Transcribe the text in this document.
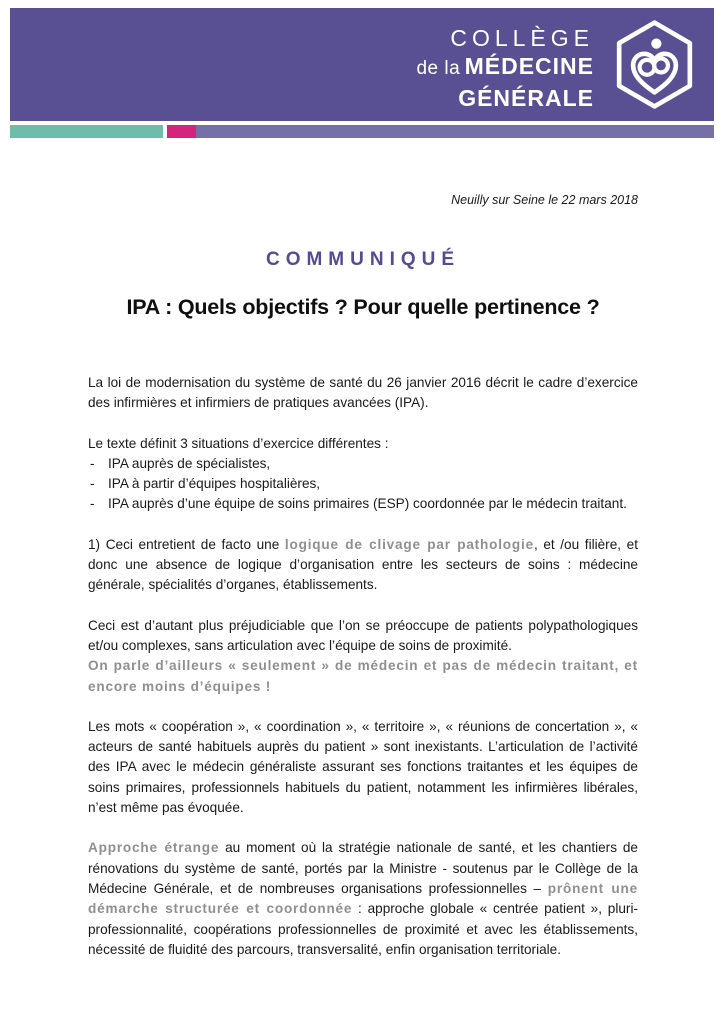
COLLÈGE
de la MÉDECINE
GÉNÉRALE

Neuilly sur Seine le 22 mars 2018

COMMUNIQUÉ
IPA : Quels objectifs ? Pour quelle pertinence ?

La loi de modernisation du système de santé du 26 janvier 2016 décrit le cadre d’exercice des infirmières et infirmiers de pratiques avancées (IPA).

Le texte définit 3 situations d’exercice différentes :

- IPA auprès de spécialistes,
- IPA à partir d’équipes hospitalières,
- IPA auprès d’une équipe de soins primaires (ESP) coordonnée par le médecin traitant.

1) Ceci entretient de facto une logique de clivage par pathologie, et /ou filière, et donc une absence de logique d’organisation entre les secteurs de soins : médecine générale, spécialités d’organes, établissements.

Ceci est d’autant plus préjudiciable que l’on se préoccupe de patients polypathologiques et/ou complexes, sans articulation avec l’équipe de soins de proximité.
On parle d’ailleurs « seulement » de médecin et pas de médecin traitant, et encore moins d’équipes !

Les mots « coopération », « coordination », « territoire », « réunions de concertation », « acteurs de santé habituels auprès du patient » sont inexistants. L’articulation de l’activité des IPA avec le médecin généraliste assurant ses fonctions traitantes et les équipes de soins primaires, professionnels habituels du patient, notamment les infirmières libérales, n’est même pas évoquée.

Approche étrange au moment où la stratégie nationale de santé, et les chantiers de rénovations du système de santé, portés par la Ministre - soutenus par le Collège de la Médecine Générale, et de nombreuses organisations professionnelles – prônent une démarche structurée et coordonnée : approche globale « centrée patient », pluri-professionnalité, coopérations professionnelles de proximité et avec les établissements, nécessité de fluidité des parcours, transversalité, enfin organisation territoriale.
